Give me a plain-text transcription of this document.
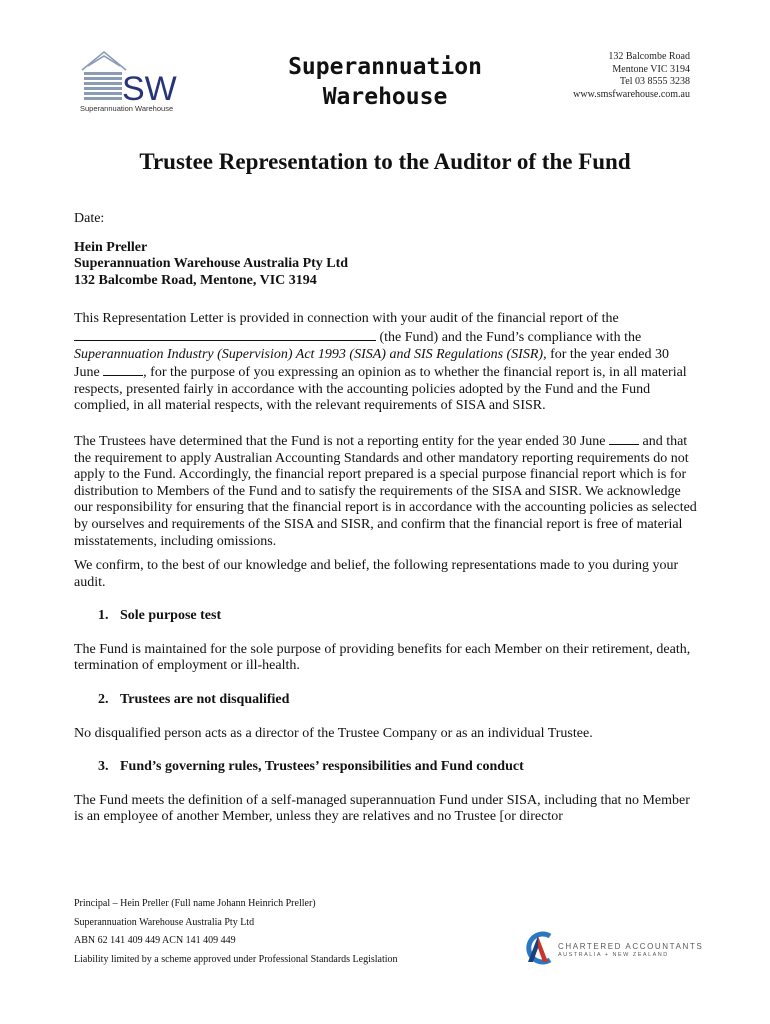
SW
Superannuation Warehouse
Superannuation
Warehouse
132 Balcombe Road
Mentone VIC 3194
Tel 03 8555 3238
www.smsfwarehouse.com.au
Trustee Representation to the Auditor of the Fund

Date:

Hein Preller
Superannuation Warehouse Australia Pty Ltd
132 Balcombe Road, Mentone, VIC 3194

This Representation Letter is provided in connection with your audit of the financial report of the (the Fund) and the Fund’s compliance with the Superannuation Industry (Supervision) Act 1993 (SISA) and SIS Regulations (SISR), for the year ended 30 June	, for the purpose of you expressing an opinion as to whether the financial report is, in all material respects, presented fairly in accordance with the accounting policies adopted by the Fund and the Fund complied, in all material respects, with the relevant requirements of SISA and SISR.

The Trustees have determined that the Fund is not a reporting entity for the year ended 30 June  and that the requirement to apply Australian Accounting Standards and other mandatory reporting requirements do not apply to the Fund. Accordingly, the financial report prepared is a special purpose financial report which is for distribution to Members of the Fund and to satisfy the requirements of the SISA and SISR. We acknowledge our responsibility for ensuring that the financial report is in accordance with the accounting policies as selected by ourselves and requirements of the SISA and SISR, and confirm that the financial report is free of material misstatements, including omissions.

We confirm, to the best of our knowledge and belief, the following representations made to you during your audit.

1. Sole purpose test

The Fund is maintained for the sole purpose of providing benefits for each Member on their retirement, death, termination of employment or ill-health.

2. Trustees are not disqualified

No disqualified person acts as a director of the Trustee Company or as an individual Trustee.

3. Fund’s governing rules, Trustees’ responsibilities and Fund conduct

The Fund meets the definition of a self-managed superannuation Fund under SISA, including that no Member is an employee of another Member, unless they are relatives and no Trustee [or director

Principal – Hein Preller (Full name Johann Heinrich Preller)
Superannuation Warehouse Australia Pty Ltd
ABN 62 141 409 449 ACN 141 409 449
Liability limited by a scheme approved under Professional Standards Legislation
CHARTERED ACCOUNTANTS
AUSTRALIA + NEW ZEALAND
